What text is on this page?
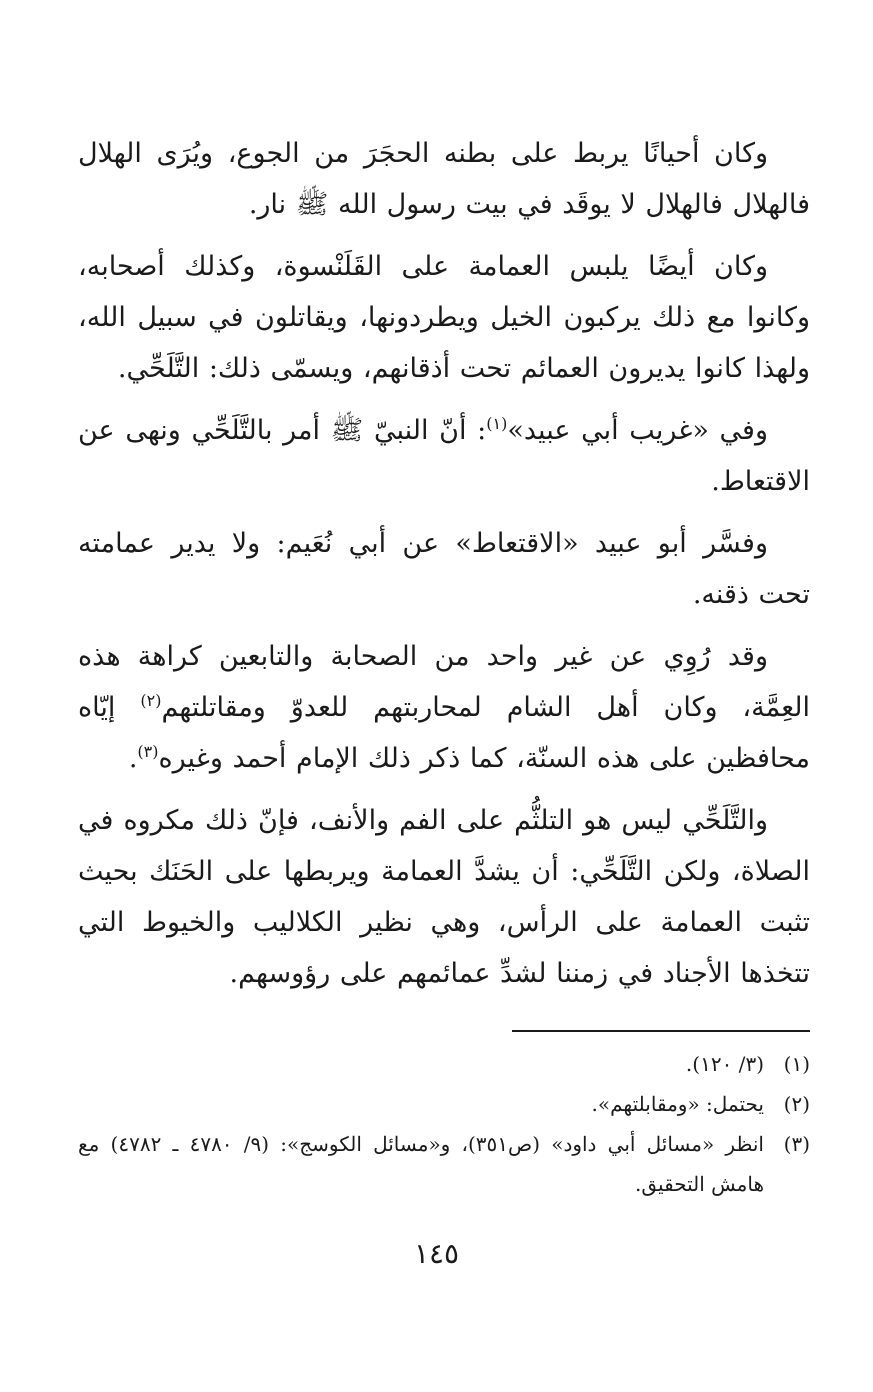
وكان أحيانًا يربط على بطنه الحجَرَ من الجوع، ويُرَى الهلال فالهلال فالهلال لا يوقَد في بيت رسول الله ﷺ نار.

وكان أيضًا يلبس العمامة على القَلَنْسوة، وكذلك أصحابه، وكانوا مع ذلك يركبون الخيل ويطردونها، ويقاتلون في سبيل الله، ولهذا كانوا يديرون العمائم تحت أذقانهم، ويسمّى ذلك: التَّلَحِّي.

وفي «غريب أبي عبيد»$^{(١)}$: أنّ النبيّ ﷺ أمر بالتَّلَحِّي ونهى عن الاقتعاط.

وفسَّر أبو عبيد «الاقتعاط» عن أبي نُعَيم: ولا يدير عمامته تحت ذقنه.

وقد رُوِي عن غير واحد من الصحابة والتابعين كراهة هذه العِمَّة، وكان أهل الشام لمحاربتهم للعدوّ ومقاتلتهم$^{(٢)}$ إيّاه محافظين على هذه السنّة، كما ذكر ذلك الإمام أحمد وغيره$^{(٣)}$.

والتَّلَحِّي ليس هو التلثُّم على الفم والأنف، فإنّ ذلك مكروه في الصلاة، ولكن التَّلَحِّي: أن يشدَّ العمامة ويربطها على الحَنَك بحيث تثبت العمامة على الرأس، وهي نظير الكلاليب والخيوط التي تتخذها الأجناد في زمننا لشدِّ عمائمهم على رؤوسهم.

(١)
(٣/ ١٢٠).
(٢)
يحتمل: «ومقابلتهم».
(٣)
انظر «مسائل أبي داود» (ص٣٥١)، و«مسائل الكوسج»: (٩/ ٤٧٨٠ ـ ٤٧٨٢) مع هامش التحقيق.
١٤٥
